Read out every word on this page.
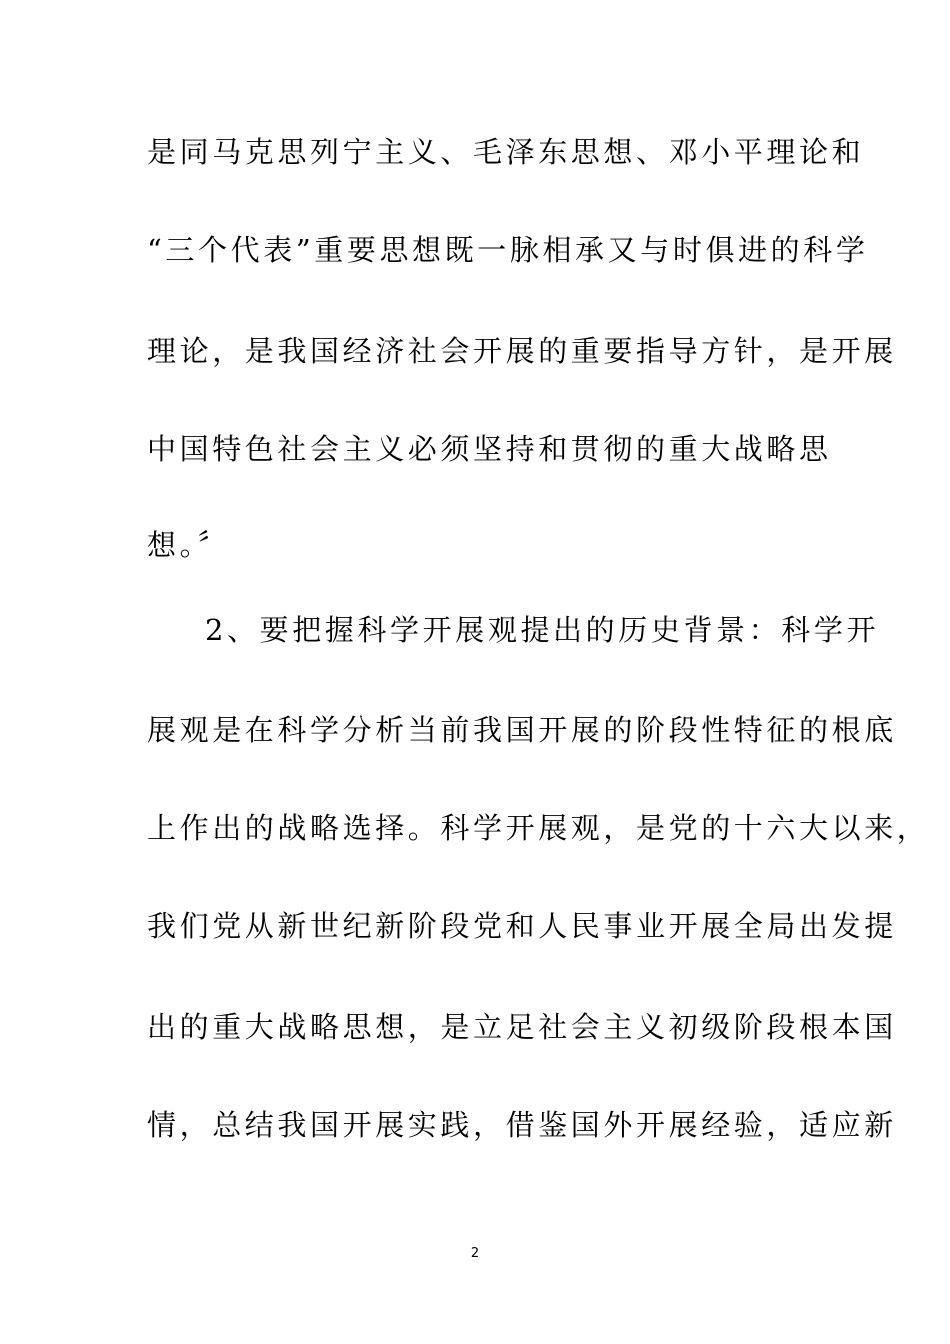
是同马克思列宁主义、毛泽东思想、邓小平理论和
“三个代表”重要思想既一脉相承又与时俱进的科学
理论，是我国经济社会开展的重要指导方针，是开展
中国特色社会主义必须坚持和贯彻的重大战略思
想。〞
2、要把握科学开展观提出的历史背景：科学开
展观是在科学分析当前我国开展的阶段性特征的根底
上作出的战略选择。科学开展观，是党的十六大以来，
我们党从新世纪新阶段党和人民事业开展全局出发提
出的重大战略思想，是立足社会主义初级阶段根本国
情，总结我国开展实践，借鉴国外开展经验，适应新
2
